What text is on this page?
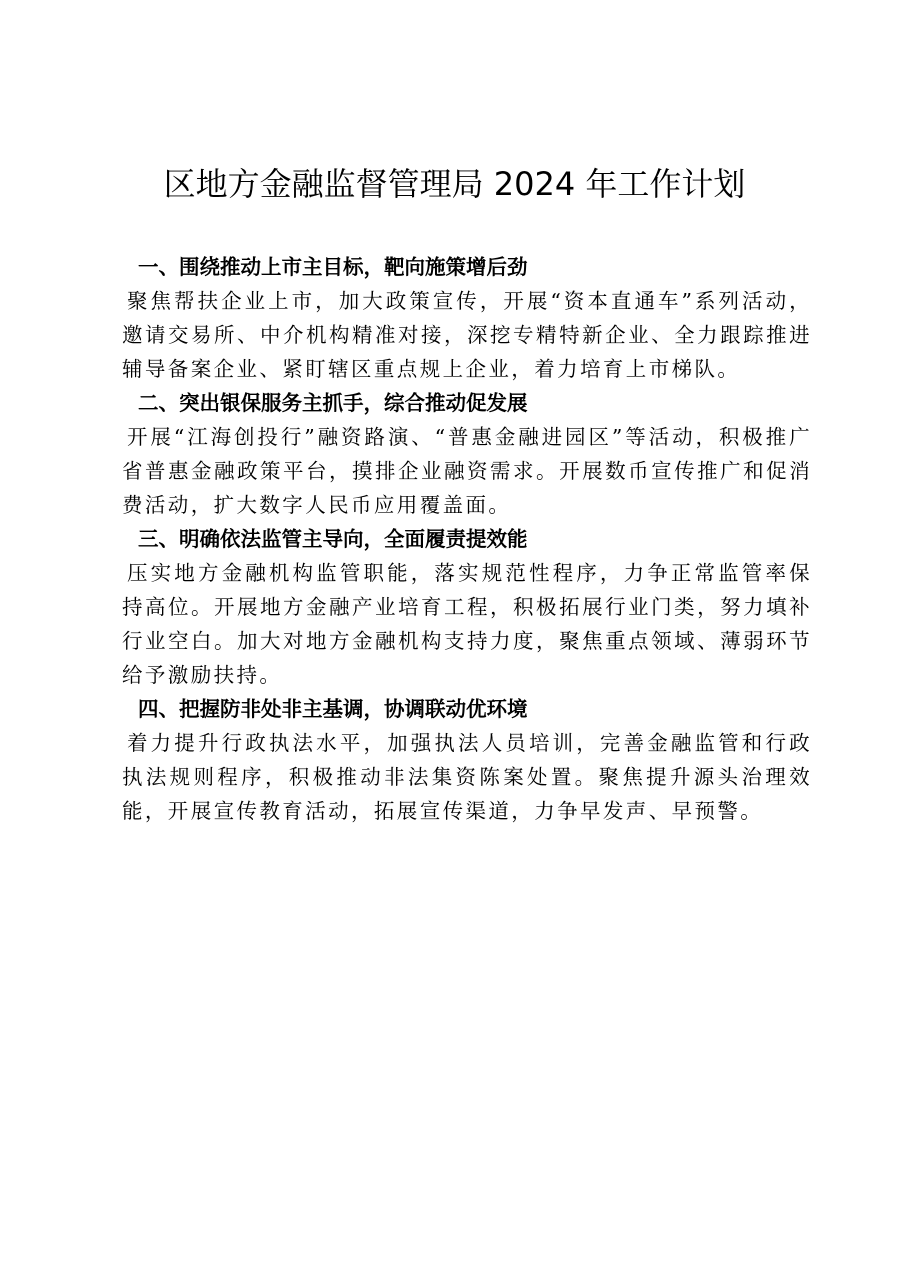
区地方金融监督管理局 2024 年工作计划
一、围绕推动上市主目标，靶向施策增后劲
聚焦帮扶企业上市，加大政策宣传，开展“资本直通车”系列活动，邀请交易所、中介机构精准对接，深挖专精特新企业、全力跟踪推进辅导备案企业、紧盯辖区重点规上企业，着力培育上市梯队。
二、突出银保服务主抓手，综合推动促发展
开展“江海创投行”融资路演、“普惠金融进园区”等活动，积极推广省普惠金融政策平台，摸排企业融资需求。开展数币宣传推广和促消费活动，扩大数字人民币应用覆盖面。
三、明确依法监管主导向，全面履责提效能
压实地方金融机构监管职能，落实规范性程序，力争正常监管率保持高位。开展地方金融产业培育工程，积极拓展行业门类，努力填补行业空白。加大对地方金融机构支持力度，聚焦重点领域、薄弱环节给予激励扶持。
四、把握防非处非主基调，协调联动优环境
着力提升行政执法水平，加强执法人员培训，完善金融监管和行政执法规则程序，积极推动非法集资陈案处置。聚焦提升源头治理效能，开展宣传教育活动，拓展宣传渠道，力争早发声、早预警。
